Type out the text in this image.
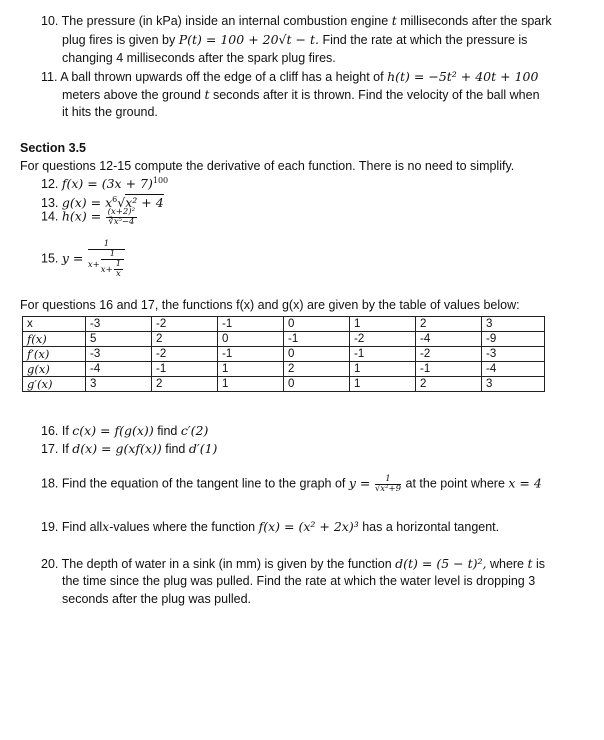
10. The pressure (in kPa) inside an internal combustion engine t milliseconds after the spark
plug fires is given by P(t) = 100 + 20√t − t. Find the rate at which the pressure is
changing 4 milliseconds after the spark plug fires.
11. A ball thrown upwards off the edge of a cliff has a height of h(t) = −5t² + 40t + 100
meters above the ground t seconds after it is thrown. Find the velocity of the ball when
it hits the ground.
Section 3.5
For questions 12-15 compute the derivative of each function. There is no need to simplify.
12. $f(x) = (3x + 7)^{100}$
13. $g(x) = x^6√x^2 + 4$
14. $h(x) = \frac{\text{(x+2)²}}{\text{∛x⁵−4}}$
15. $y = \frac{1}{x+ \frac{1}{x+ \frac{1}{x}}}$
For questions 16 and 17, the functions f(x) and g(x) are given by the table of values below:
x	-3	-2	-1	0	1	2	3
f(x)	5	2	0	-1	-2	-4	-9
f′(x)	-3	-2	-1	0	-1	-2	-3
g(x)	-4	-1	1	2	1	-1	-4
g′(x)	3	2	1	0	1	2	3
16. If c(x) = f(g(x)) find c′(2)
17. If d(x) = g(xf(x)) find d′(1)
18. Find the equation of the tangent line to the graph of $y = \frac{1}{\text{√x²+9}}$ at the point where x = 4
19. Find allx-values where the function f(x) = (x² + 2x)³ has a horizontal tangent.
20. The depth of water in a sink (in mm) is given by the function d(t) = (5 − t)², where t is
the time since the plug was pulled. Find the rate at which the water level is dropping 3
seconds after the plug was pulled.
